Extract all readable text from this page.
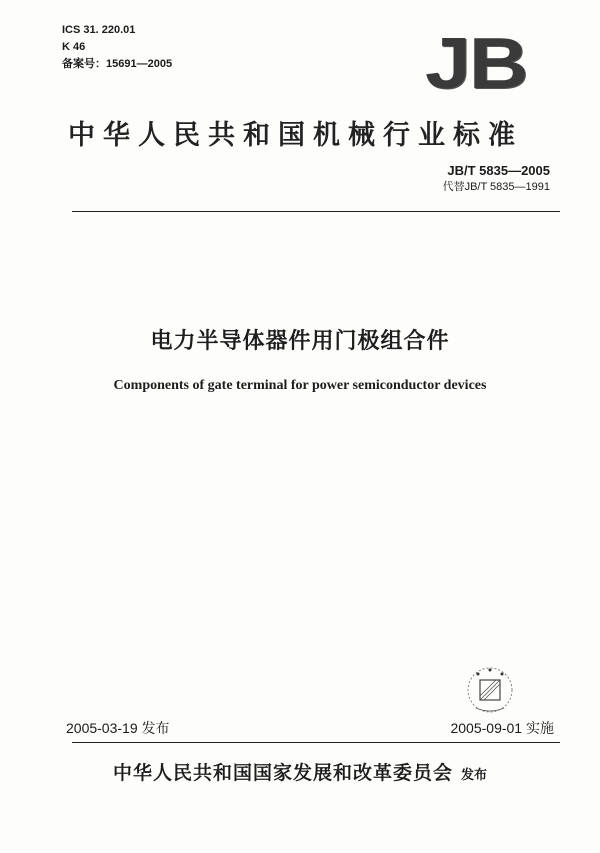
ICS 31. 220.01
K 46
备案号：15691—2005	JB
中华人民共和国机械行业标准
JB/T 5835—2005
代替JB/T 5835—1991
电力半导体器件用门极组合件
Components of gate terminal for power semiconductor devices
2005-03-19 发布	2005-09-01 实施
中华人民共和国国家发展和改革委员会 发布
